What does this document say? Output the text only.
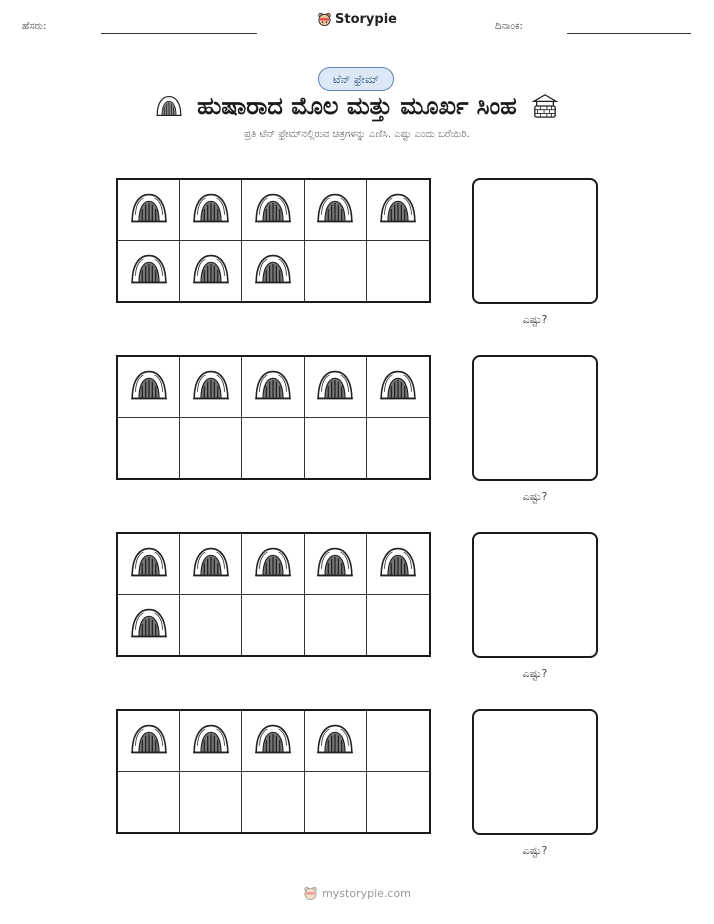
ಹೆಸರು:	Storypie	ದಿನಾಂಕ:
ಟೆನ್ ಫ್ರೇಮ್
ಹುಷಾರಾದ ಮೊಲ ಮತ್ತು ಮೂರ್ಖ ಸಿಂಹ
ಪ್ರತಿ ಟೆನ್ ಫ್ರೇಮ್‌ನಲ್ಲಿರುವ ಚಿತ್ರಗಳನ್ನು ಎಣಿಸಿ. ಎಷ್ಟು ಎಂದು ಬರೆಯಿರಿ.
ಎಷ್ಟು?
ಎಷ್ಟು?
ಎಷ್ಟು?
ಎಷ್ಟು?
mystorypie.com
